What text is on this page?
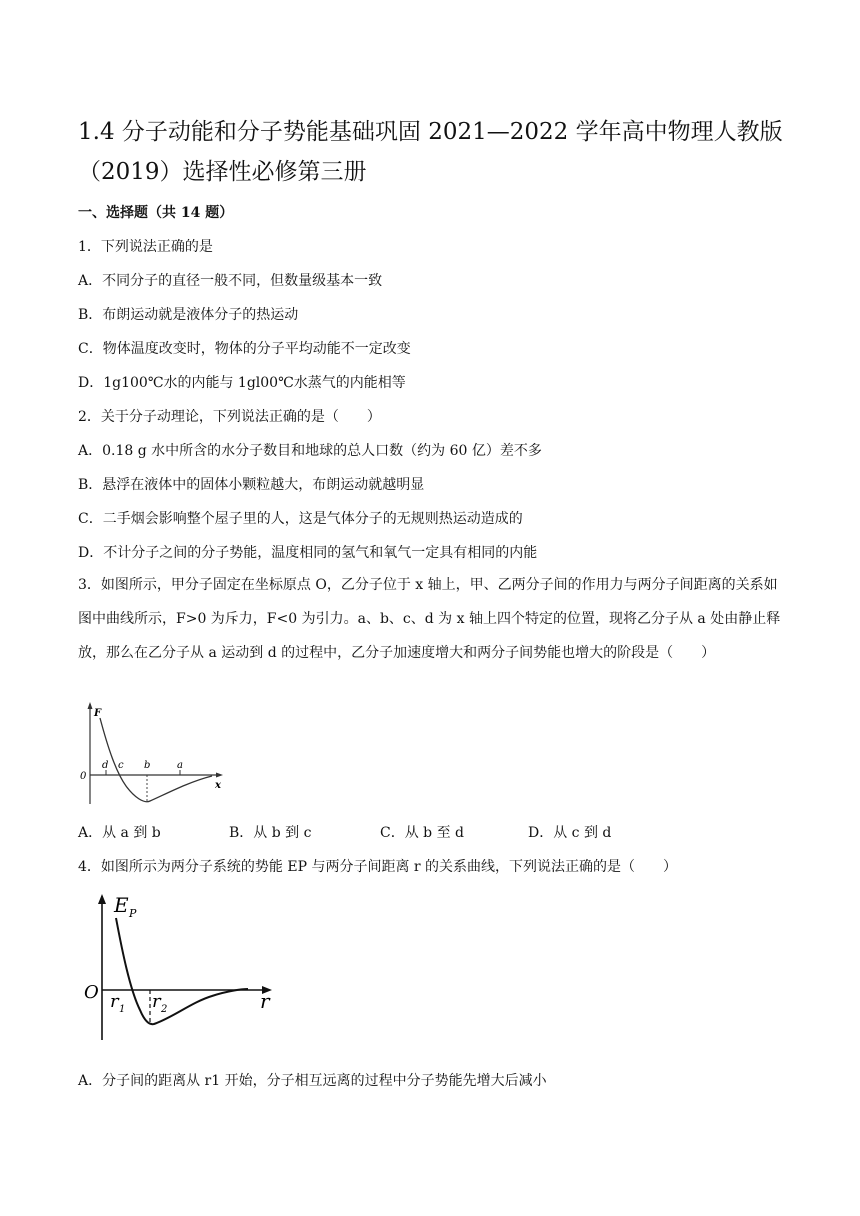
1.4 分子动能和分子势能基础巩固 2021—2022 学年高中物理人教版
（2019）选择性必修第三册
一、选择题（共 14 题）
1．下列说法正确的是
A．不同分子的直径一般不同，但数量级基本一致
B．布朗运动就是液体分子的热运动
C．物体温度改变时，物体的分子平均动能不一定改变
D．1g100℃水的内能与 1gl00℃水蒸气的内能相等
2．关于分子动理论，下列说法正确的是（　　）
A．0.18 g 水中所含的水分子数目和地球的总人口数（约为 60 亿）差不多
B．悬浮在液体中的固体小颗粒越大，布朗运动就越明显
C．二手烟会影响整个屋子里的人，这是气体分子的无规则热运动造成的
D．不计分子之间的分子势能，温度相同的氢气和氧气一定具有相同的内能
3．如图所示，甲分子固定在坐标原点 O，乙分子位于 x 轴上，甲、乙两分子间的作用力与两分子间距离的关系如图中曲线所示，F>0 为斥力，F<0 为引力。a、b、c、d 为 x 轴上四个特定的位置，现将乙分子从 a 处由静止释放，那么在乙分子从 a 运动到 d 的过程中，乙分子加速度增大和两分子间势能也增大的阶段是（　　）
F
x
0
d c b	a
A．从 a 到 b	B．从 b 到 c	C．从 b 至 d	D．从 c 到 d
4．如图所示为两分子系统的势能 EP 与两分子间距离 r 的关系曲线，下列说法正确的是（　　）
E P
r
O r 1 r 2
A．分子间的距离从 r1 开始，分子相互远离的过程中分子势能先增大后减小
